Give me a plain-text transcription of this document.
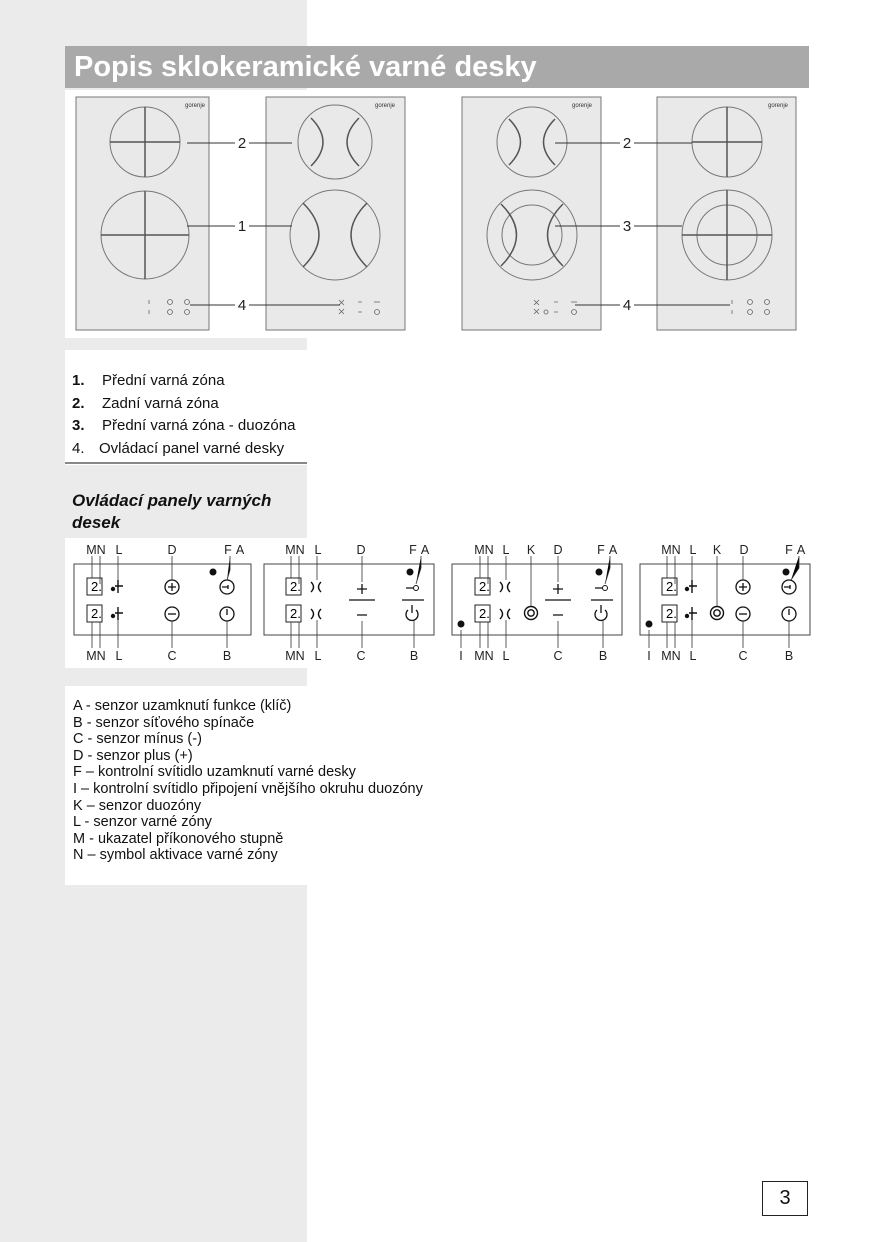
Popis sklokeramické varné desky
gorenje	gorenje	gorenje	gorenje
2
1
4
2
3
4
1. Přední varná zóna
2. Zadní varná zóna
3. Přední varná zóna - duozóna
4. Ovládací panel varné desky
Ovládací panely varných desek
2.
2.
2.
2.
2.
2.
2.
2.
MN L	D	F A	MN L	D	F A	MN L K D	F A	MN L K D	F A
MN L	C	B	MN L	C	B	I MN L	C	B	I MN L	C	B
A - senzor uzamknutí funkce (klíč)
B - senzor síťového spínače
C - senzor mínus (-)
D - senzor plus (+)
F – kontrolní svítidlo uzamknutí varné desky
I – kontrolní svítidlo připojení vnějšího okruhu duozóny
K – senzor duozóny
L - senzor varné zóny
M - ukazatel příkonového stupně
N – symbol aktivace varné zóny
3
